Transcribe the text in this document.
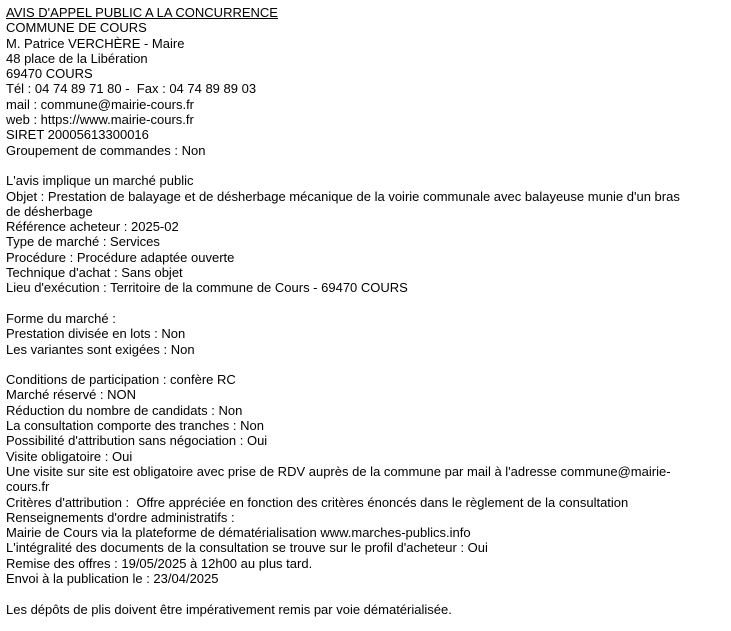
AVIS D'APPEL PUBLIC A LA CONCURRENCE
COMMUNE DE COURS
M. Patrice VERCHÈRE - Maire
48 place de la Libération
69470 COURS
Tél : 04 74 89 71 80 -  Fax : 04 74 89 89 03
mail : commune@mairie-cours.fr
web : https://www.mairie-cours.fr
SIRET 20005613300016
Groupement de commandes : Non
L'avis implique un marché public
Objet : Prestation de balayage et de désherbage mécanique de la voirie communale avec balayeuse munie d'un bras de désherbage
Référence acheteur : 2025-02
Type de marché : Services
Procédure : Procédure adaptée ouverte
Technique d'achat : Sans objet
Lieu d'exécution : Territoire de la commune de Cours - 69470 COURS
Forme du marché :
Prestation divisée en lots : Non
Les variantes sont exigées : Non
Conditions de participation : confère RC
Marché réservé : NON
Réduction du nombre de candidats : Non
La consultation comporte des tranches : Non
Possibilité d'attribution sans négociation : Oui
Visite obligatoire : Oui
Une visite sur site est obligatoire avec prise de RDV auprès de la commune par mail à l'adresse commune@mairie-cours.fr
Critères d'attribution :  Offre appréciée en fonction des critères énoncés dans le règlement de la consultation
Renseignements d'ordre administratifs :
Mairie de Cours via la plateforme de dématérialisation www.marches-publics.info
L'intégralité des documents de la consultation se trouve sur le profil d'acheteur : Oui
Remise des offres : 19/05/2025 à 12h00 au plus tard.
Envoi à la publication le : 23/04/2025
Les dépôts de plis doivent être impérativement remis par voie dématérialisée.
